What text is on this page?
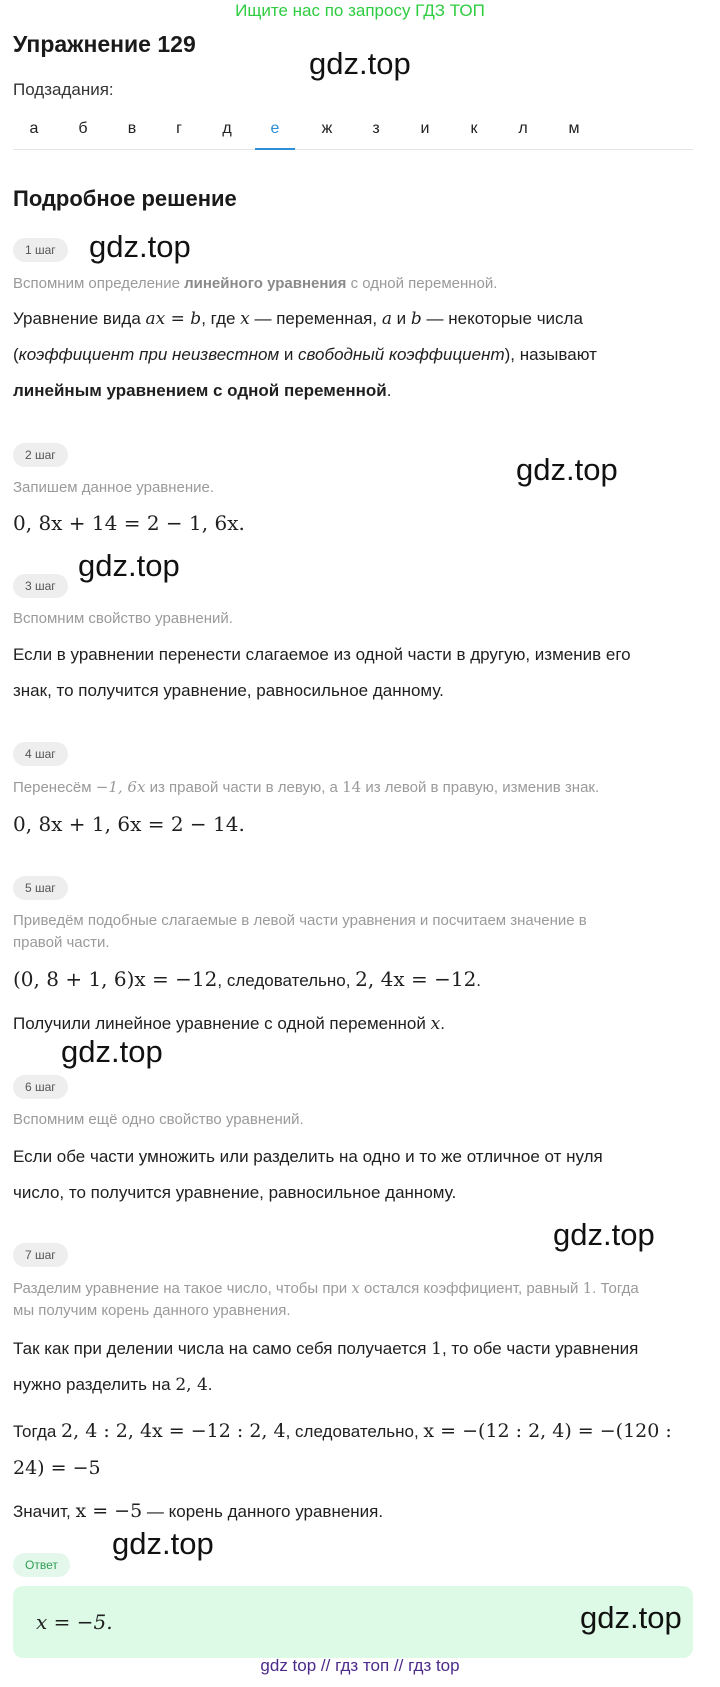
Ищите нас по запросу ГДЗ ТОП
Упражнение 129
gdz.top
Подзадания:
а	б	в	г	д	е	ж	з	и	к	л	м
Подробное решение
1 шаг	gdz.top
Вспомним определение линейного уравнения с одной переменной.
Уравнение вида ax = b, где x — переменная, a и b — некоторые числа
(коэффициент при неизвестном и свободный коэффициент), называют
линейным уравнением с одной переменной.
2 шаг	gdz.top
Запишем данное уравнение.
0, 8x + 14 = 2 − 1, 6x.
gdz.top
3 шаг
Вспомним свойство уравнений.
Если в уравнении перенести слагаемое из одной части в другую, изменив его
знак, то получится уравнение, равносильное данному.
4 шаг
Перенесём −1, 6x из правой части в левую, а 14 из левой в правую, изменив знак.
0, 8x + 1, 6x = 2 − 14.
5 шаг
Приведём подобные слагаемые в левой части уравнения и посчитаем значение в
правой части.
(0, 8 + 1, 6)x = −12, следовательно, 2, 4x = −12.
Получили линейное уравнение с одной переменной x.
gdz.top
6 шаг
Вспомним ещё одно свойство уравнений.
Если обе части умножить или разделить на одно и то же отличное от нуля
число, то получится уравнение, равносильное данному.
gdz.top
7 шаг
Разделим уравнение на такое число, чтобы при x остался коэффициент, равный 1. Тогда
мы получим корень данного уравнения.
Так как при делении числа на само себя получается 1, то обе части уравнения
нужно разделить на 2, 4.
Тогда 2, 4 : 2, 4x = −12 : 2, 4, следовательно, x = −(12 : 2, 4) = −(120 :
24) = −5
Значит, x = −5 — корень данного уравнения.
gdz.top
Ответ
x = −5.	gdz.top
gdz top // гдз топ // гдз top
